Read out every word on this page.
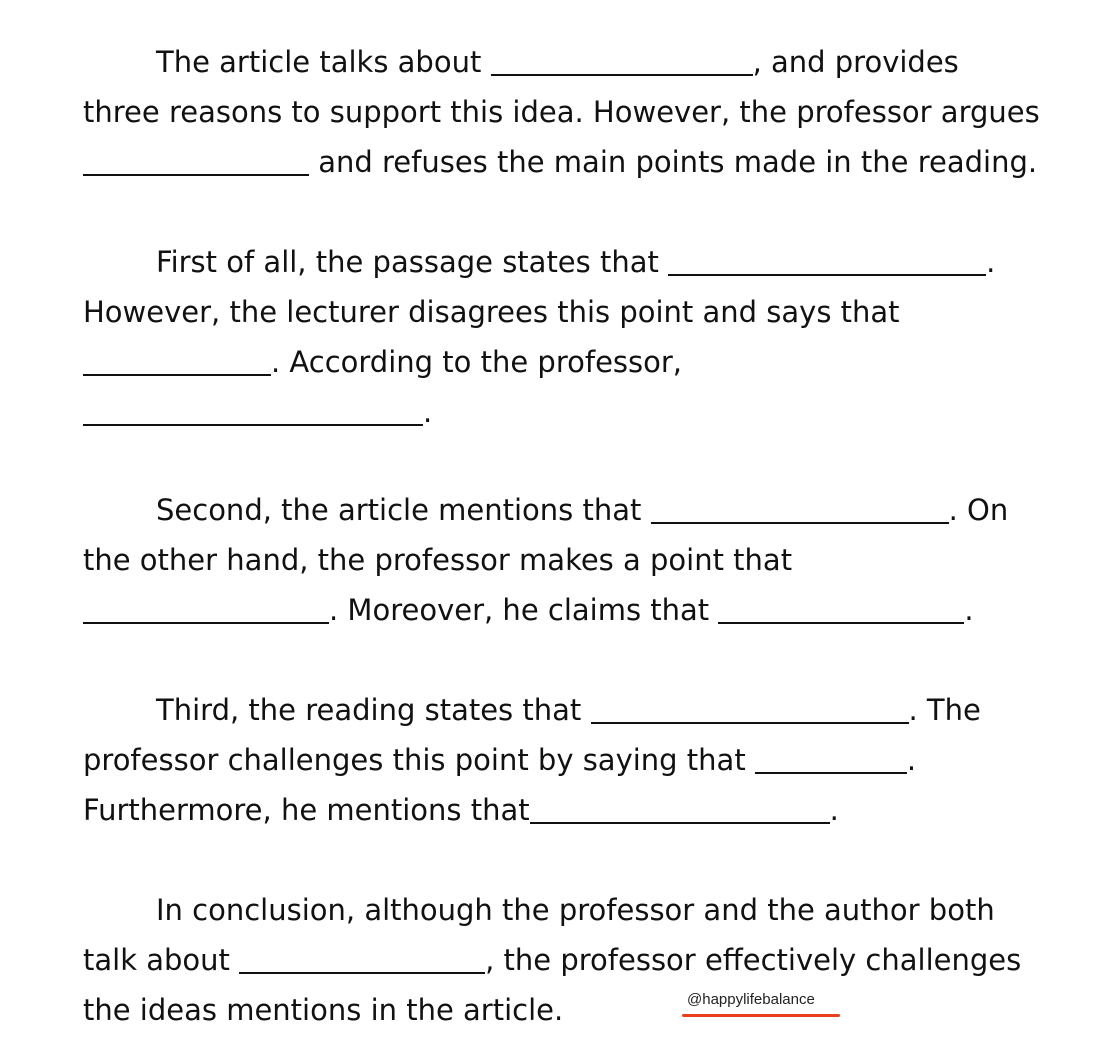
The article talks about	, and provides
three reasons to support this idea. However, the professor argues
and refuses the main points made in the reading.
First of all, the passage states that	.
However, the lecturer disagrees this point and says that
. According to the professor,
.
Second, the article mentions that	. On
the other hand, the professor makes a point that
. Moreover, he claims that	.
Third, the reading states that	. The
professor challenges this point by saying that	.
Furthermore, he mentions that	.
In conclusion, although the professor and the author both
talk about	, the professor effectively challenges
the ideas mentions in the article.	@happylifebalance
